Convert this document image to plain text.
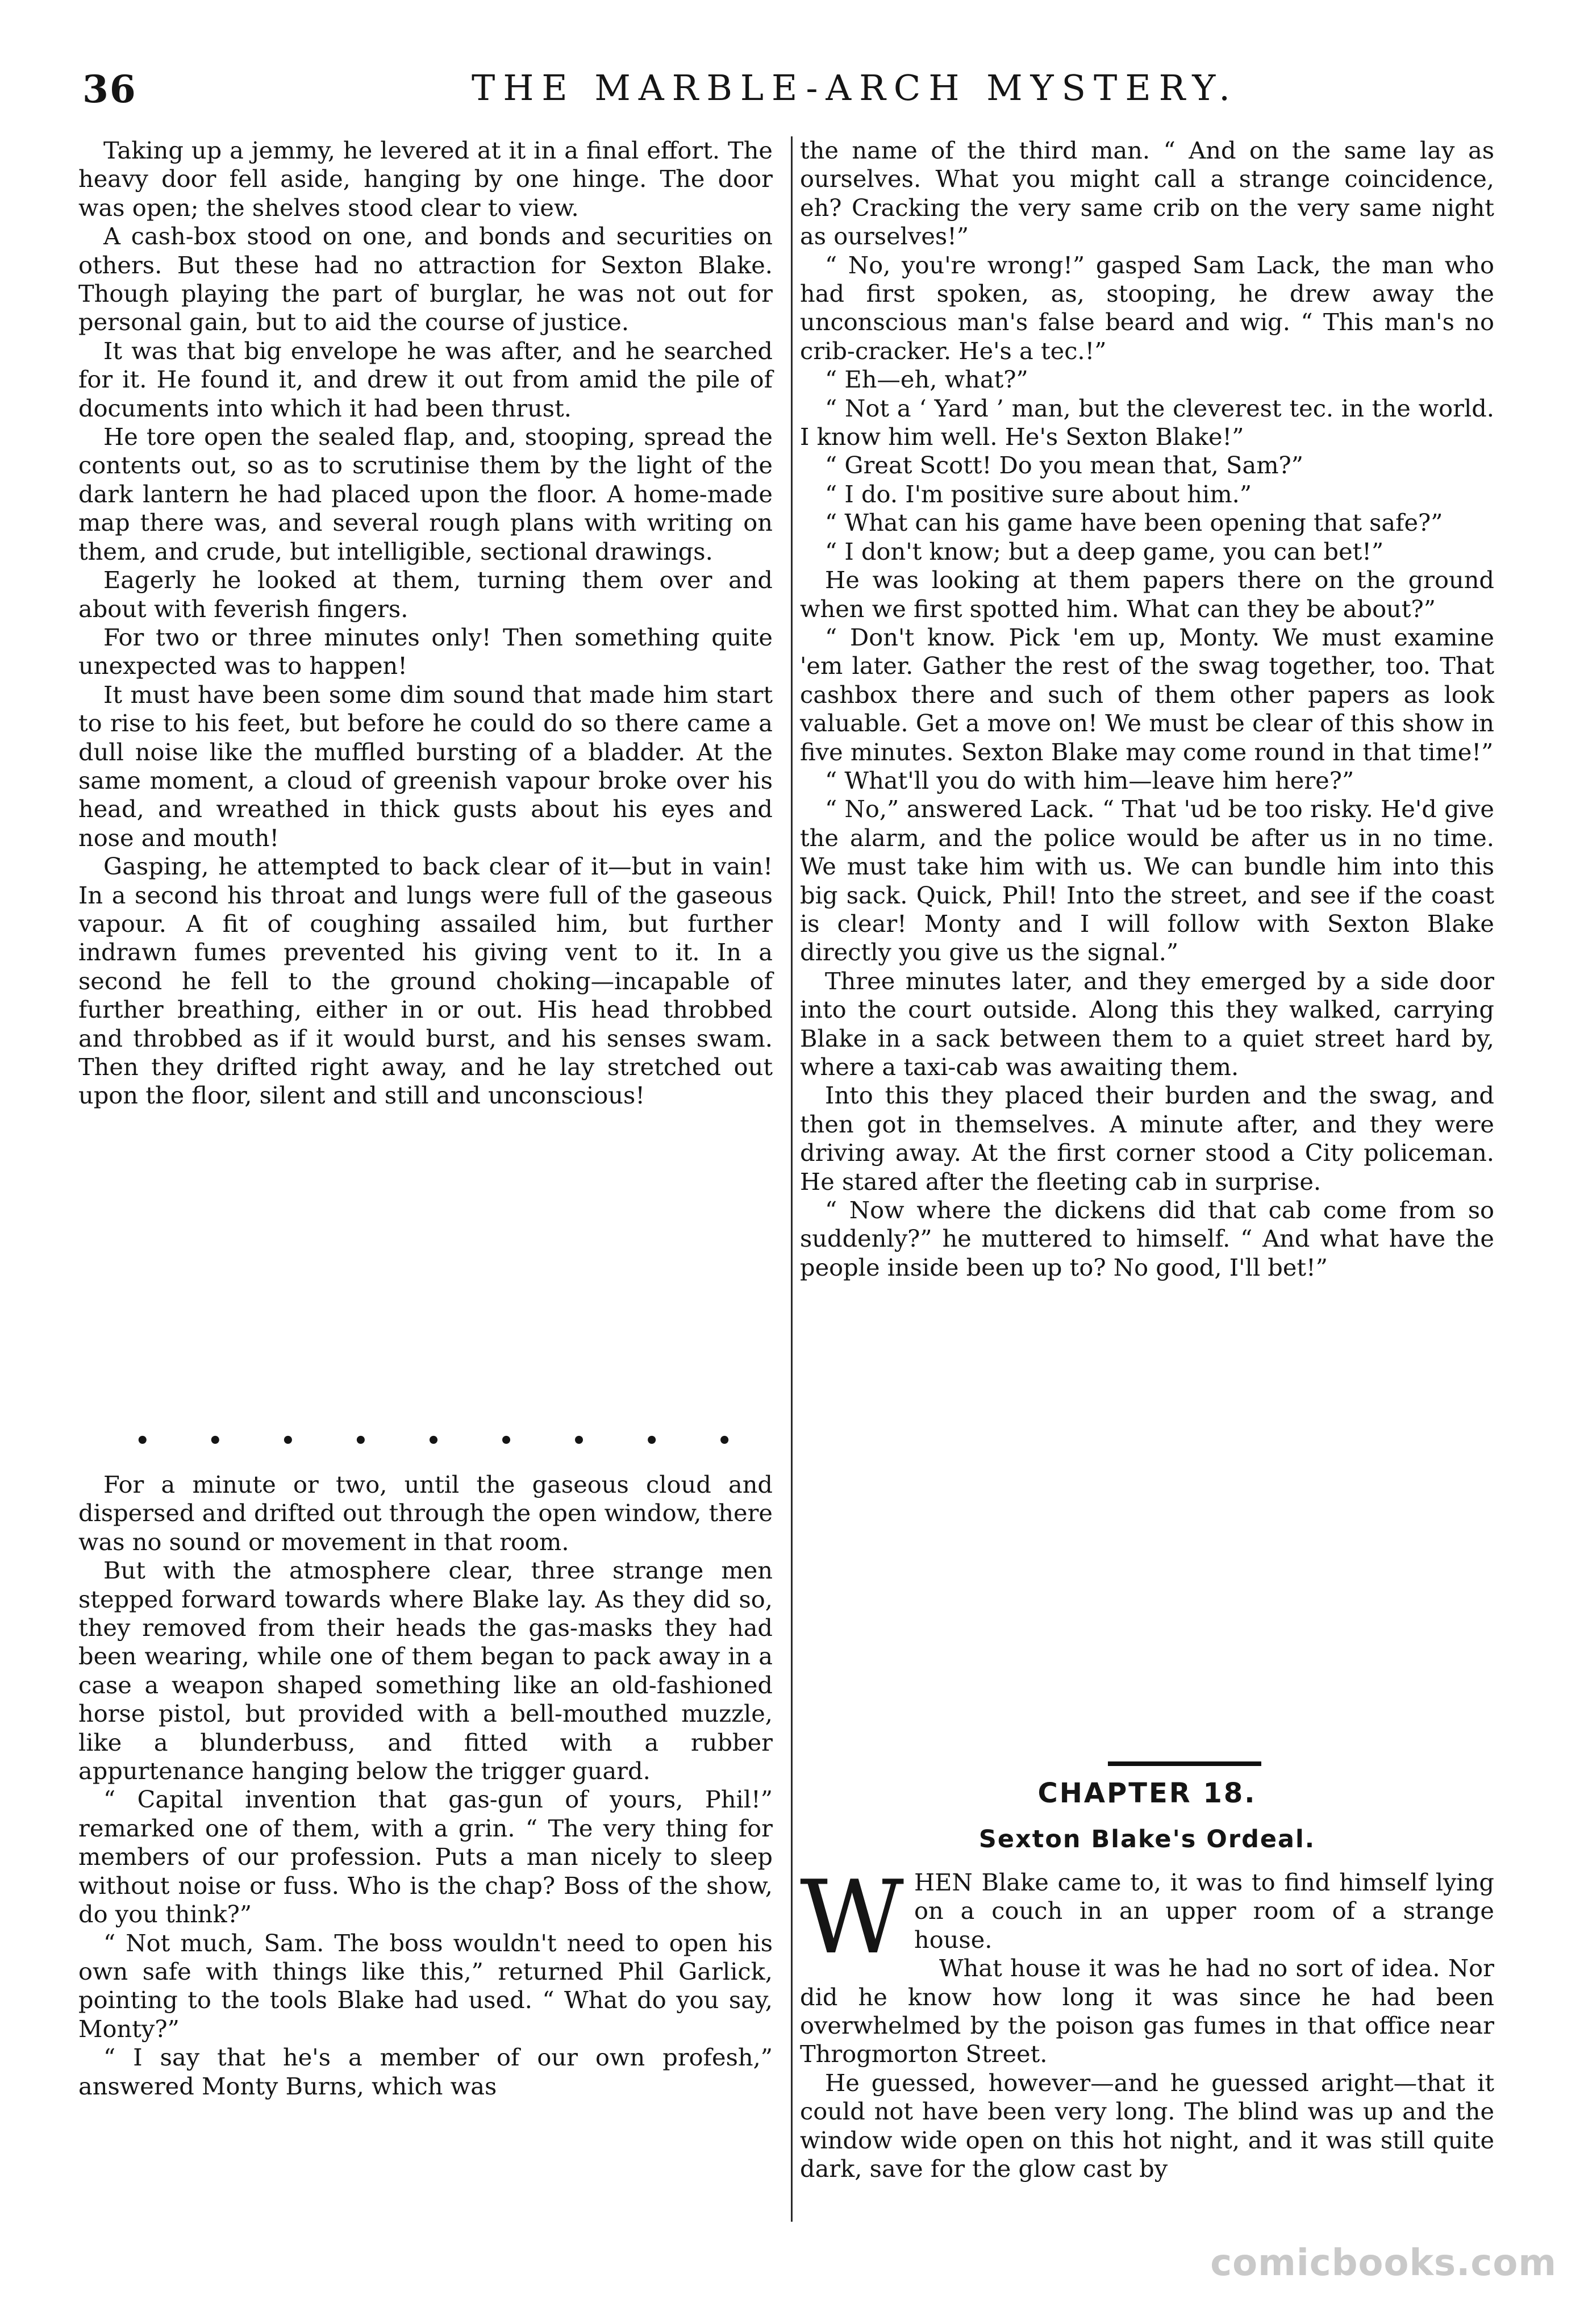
36	THE MARBLE-ARCH MYSTERY.

Taking up a jemmy, he levered at it in a final effort. The heavy door fell aside, hanging by one hinge. The door was open; the shelves stood clear to view.

A cash-box stood on one, and bonds and securities on others. But these had no attraction for Sexton Blake. Though playing the part of burglar, he was not out for personal gain, but to aid the course of justice.

It was that big envelope he was after, and he searched for it. He found it, and drew it out from amid the pile of documents into which it had been thrust.

He tore open the sealed flap, and, stooping, spread the contents out, so as to scrutinise them by the light of the dark lantern he had placed upon the floor. A home-made map there was, and several rough plans with writing on them, and crude, but intelligible, sectional drawings.

Eagerly he looked at them, turning them over and about with feverish fingers.

For two or three minutes only! Then something quite unexpected was to happen!

It must have been some dim sound that made him start to rise to his feet, but before he could do so there came a dull noise like the muffled bursting of a bladder. At the same moment, a cloud of greenish vapour broke over his head, and wreathed in thick gusts about his eyes and nose and mouth!

Gasping, he attempted to back clear of it—but in vain! In a second his throat and lungs were full of the gaseous vapour. A fit of coughing assailed him, but further indrawn fumes prevented his giving vent to it. In a second he fell to the ground choking—incapable of further breathing, either in or out. His head throbbed and throbbed as if it would burst, and his senses swam. Then they drifted right away, and he lay stretched out upon the floor, silent and still and unconscious!

•	•	•	•	•	•	•	•	•

For a minute or two, until the gaseous cloud and dispersed and drifted out through the open window, there was no sound or movement in that room.

But with the atmosphere clear, three strange men stepped forward towards where Blake lay. As they did so, they removed from their heads the gas-masks they had been wearing, while one of them began to pack away in a case a weapon shaped something like an old-fashioned horse pistol, but provided with a bell-mouthed muzzle, like a blunderbuss, and fitted with a rubber appurtenance hanging below the trigger guard.

“ Capital invention that gas-gun of yours, Phil!” remarked one of them, with a grin. “ The very thing for members of our profession. Puts a man nicely to sleep without noise or fuss. Who is the chap? Boss of the show, do you think?”

“ Not much, Sam. The boss wouldn't need to open his own safe with things like this,” returned Phil Garlick, pointing to the tools Blake had used. “ What do you say, Monty?”

“ I say that he's a member of our own profesh,” answered Monty Burns, which was

the name of the third man. “ And on the same lay as ourselves. What you might call a strange coincidence, eh? Cracking the very same crib on the very same night as ourselves!”

“ No, you're wrong!” gasped Sam Lack, the man who had first spoken, as, stooping, he drew away the unconscious man's false beard and wig. “ This man's no crib-cracker. He's a tec.!”

“ Eh—eh, what?”

“ Not a ‘ Yard ’ man, but the cleverest tec. in the world. I know him well. He's Sexton Blake!”

“ Great Scott! Do you mean that, Sam?”

“ I do. I'm positive sure about him.”

“ What can his game have been opening that safe?”

“ I don't know; but a deep game, you can bet!”

He was looking at them papers there on the ground when we first spotted him. What can they be about?”

“ Don't know. Pick 'em up, Monty. We must examine 'em later. Gather the rest of the swag together, too. That cashbox there and such of them other papers as look valuable. Get a move on! We must be clear of this show in five minutes. Sexton Blake may come round in that time!”

“ What'll you do with him—leave him here?”

“ No,” answered Lack. “ That 'ud be too risky. He'd give the alarm, and the police would be after us in no time. We must take him with us. We can bundle him into this big sack. Quick, Phil! Into the street, and see if the coast is clear! Monty and I will follow with Sexton Blake directly you give us the signal.”

Three minutes later, and they emerged by a side door into the court outside. Along this they walked, carrying Blake in a sack between them to a quiet street hard by, where a taxi-cab was awaiting them.

Into this they placed their burden and the swag, and then got in themselves. A minute after, and they were driving away. At the first corner stood a City policeman. He stared after the fleeting cab in surprise.

“ Now where the dickens did that cab come from so suddenly?” he muttered to himself. “ And what have the people inside been up to? No good, I'll bet!”

CHAPTER 18.
Sexton Blake's Ordeal.

WHEN Blake came to, it was to find himself lying on a couch in an upper room of a strange house.

What house it was he had no sort of idea. Nor did he know how long it was since he had been overwhelmed by the poison gas fumes in that office near Throgmorton Street.

He guessed, however—and he guessed aright—that it could not have been very long. The blind was up and the window wide open on this hot night, and it was still quite dark, save for the glow cast by

comicbooks.com
